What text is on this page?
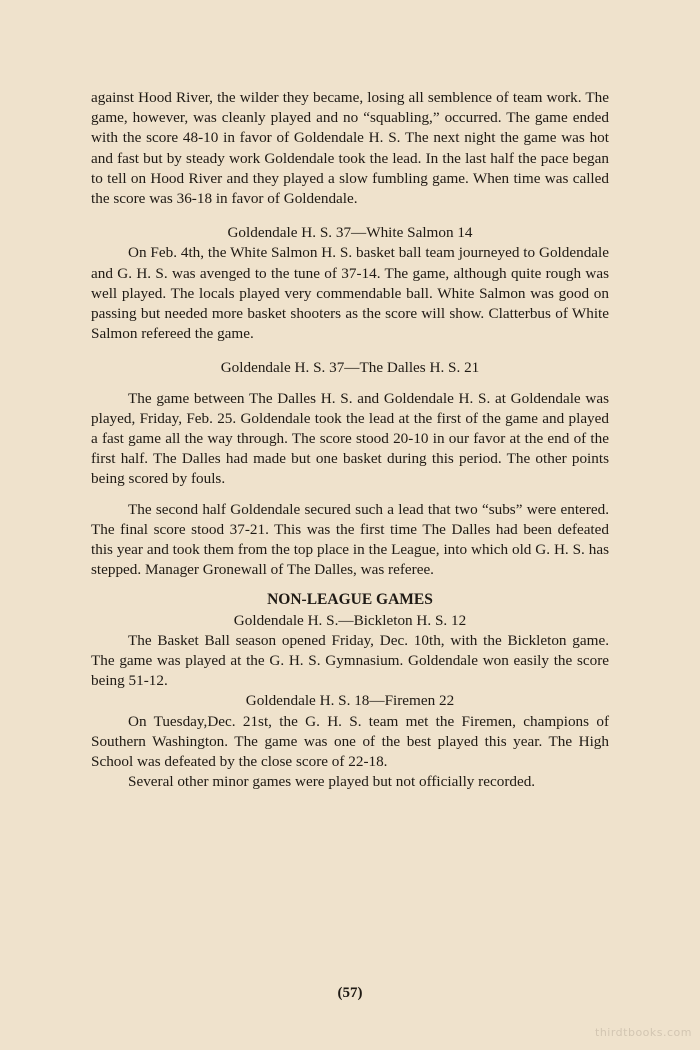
against Hood River, the wilder they became, losing all semblence of team work. The game, however, was cleanly played and no “squabling,” occurred. The game ended with the score 48-10 in favor of Goldendale H. S. The next night the game was hot and fast but by steady work Goldendale took the lead. In the last half the pace began to tell on Hood River and they played a slow fumbling game. When time was called the score was 36-18 in favor of Goldendale.

Goldendale H. S. 37—White Salmon 14

On Feb. 4th, the White Salmon H. S. basket ball team journeyed to Goldendale and G. H. S. was avenged to the tune of 37-14. The game, although quite rough was well played. The locals played very commendable ball. White Salmon was good on passing but needed more basket shooters as the score will show. Clatterbus of White Salmon refereed the game.

Goldendale H. S. 37—The Dalles H. S. 21

The game between The Dalles H. S. and Goldendale H. S. at Goldendale was played, Friday, Feb. 25. Goldendale took the lead at the first of the game and played a fast game all the way through. The score stood 20-10 in our favor at the end of the first half. The Dalles had made but one basket during this period. The other points being scored by fouls.

The second half Goldendale secured such a lead that two “subs” were entered. The final score stood 37-21. This was the first time The Dalles had been defeated this year and took them from the top place in the League, into which old G. H. S. has stepped. Manager Gronewall of The Dalles, was referee.

NON-LEAGUE GAMES

Goldendale H. S.—Bickleton H. S. 12

The Basket Ball season opened Friday, Dec. 10th, with the Bickleton game. The game was played at the G. H. S. Gymnasium. Goldendale won easily the score being 51-12.

Goldendale H. S. 18—Firemen 22

On Tuesday,Dec. 21st, the G. H. S. team met the Firemen, champions of Southern Washington. The game was one of the best played this year. The High School was defeated by the close score of 22-18.

Several other minor games were played but not officially recorded.

(57)
thirdtbooks.com
